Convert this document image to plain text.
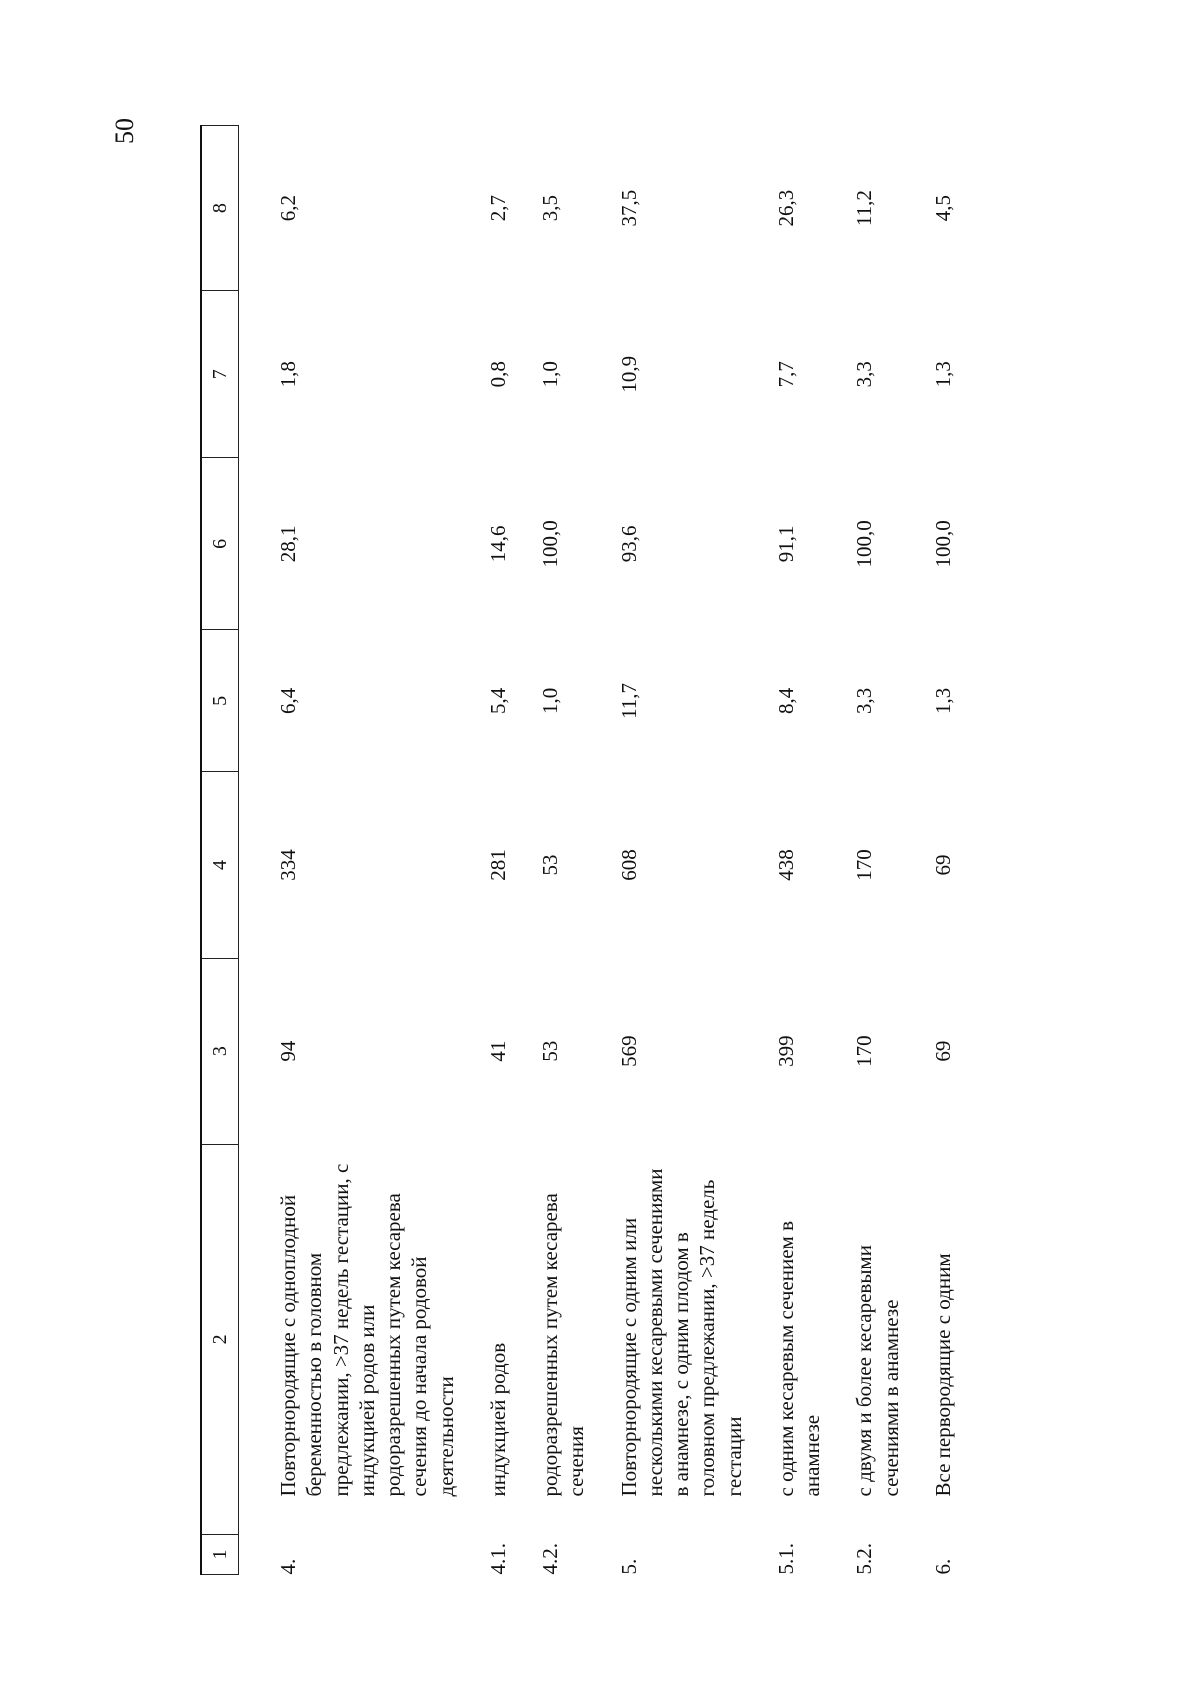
50
1	2	3	4	5	6	7	8
4.	Повторнородящие с одноплодной беременностью в головном предлежании, >37 недель гестации, с индукцией родов или родоразрешенных путем кесарева сечения до начала родовой деятельности	94	334	6,4	28,1	1,8	6,2
4.1.	индукцией родов	41	281	5,4	14,6	0,8	2,7
4.2.	родоразрешенных путем кесарева сечения	53	53	1,0	100,0	1,0	3,5
5.	Повторнородящие с одним или несколькими кесаревыми сечениями в анамнезе, с одним плодом в головном предлежании, >37 недель гестации	569	608	11,7	93,6	10,9	37,5
5.1.	с одним кесаревым сечением в анамнезе	399	438	8,4	91,1	7,7	26,3
5.2.	с двумя и более кесаревыми сечениями в анамнезе	170	170	3,3	100,0	3,3	11,2
6.	Все первородящие с одним	69	69	1,3	100,0	1,3	4,5
